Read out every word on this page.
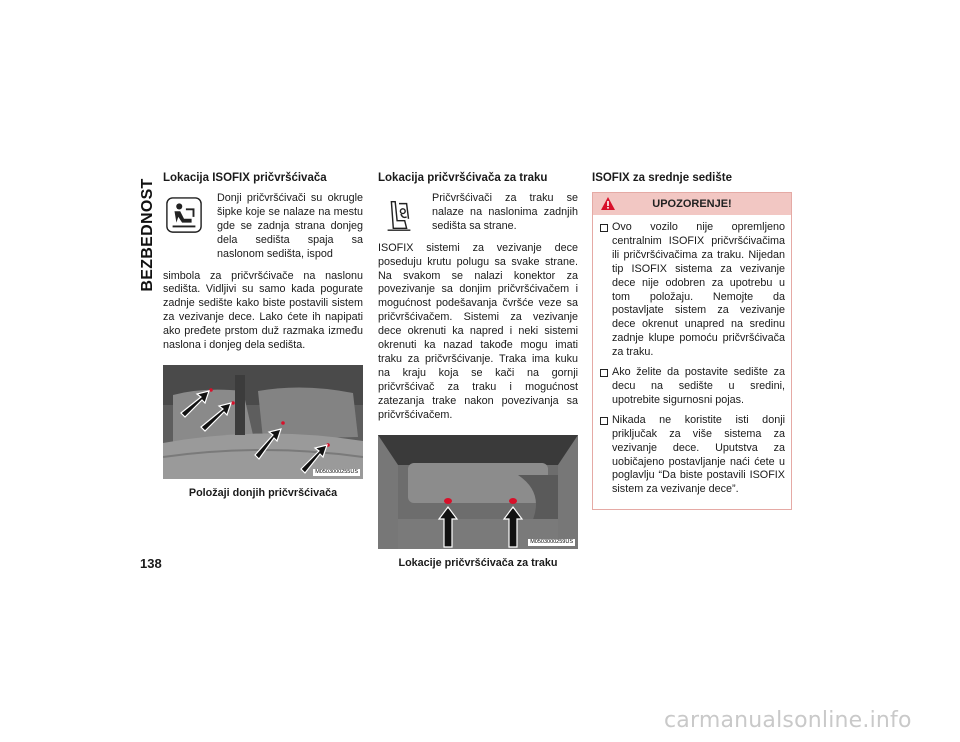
BEZBEDNOST
138
Lokacija ISOFIX pričvršćivača

Donji pričvršćivači su okrugle šipke koje se nalaze na mestu gde se zadnja strana donjeg dela sedišta spaja sa naslonom sedišta, ispod

simbola za pričvršćivače na naslonu sedišta. Vidljivi su samo kada pogurate zadnje sedište kako biste postavili sistem za vezivanje dece. Lako ćete ih napipati ako pređete prstom duž razmaka između naslona i donjeg dela sedišta.

M0503000255US
Položaji donjih pričvršćivača
Lokacija pričvršćivača za traku

Pričvršćivači za traku se nalaze na naslonima zadnjih sedišta sa strane.

ISOFIX sistemi za vezivanje dece poseduju krutu polugu sa svake strane. Na svakom se nalazi konektor za povezivanje sa donjim pričvršćivačem i mogućnost podešavanja čvršće veze sa pričvršćivačem. Sistemi za vezivanje dece okrenuti ka napred i neki sistemi okrenuti ka nazad takođe mogu imati traku za pričvršćivanje. Traka ima kuku na kraju koja se kači na gornji pričvršćivač za traku i mogućnost zatezanja trake nakon povezivanja sa pričvršćivačem.

M0503000259US
Lokacije pričvršćivača za traku
ISOFIX za srednje sedište
UPOZORENJE!
Ovo vozilo nije opremljeno centralnim ISOFIX pričvršćivačima ili pričvršćivačima za traku. Nijedan tip ISOFIX sistema za vezivanje dece nije odobren za upotrebu u tom položaju. Nemojte da postavljate sistem za vezivanje dece okrenut unapred na sredinu zadnje klupe pomoću pričvršćivača za traku.
Ako želite da postavite sedište za decu na sedište u sredini, upotrebite sigurnosni pojas.
Nikada ne koristite isti donji priključak za više sistema za vezivanje dece. Uputstva za uobičajeno postavljanje naći ćete u poglavlju “Da biste postavili ISOFIX sistem za vezivanje dece”.
carmanualsonline.info
